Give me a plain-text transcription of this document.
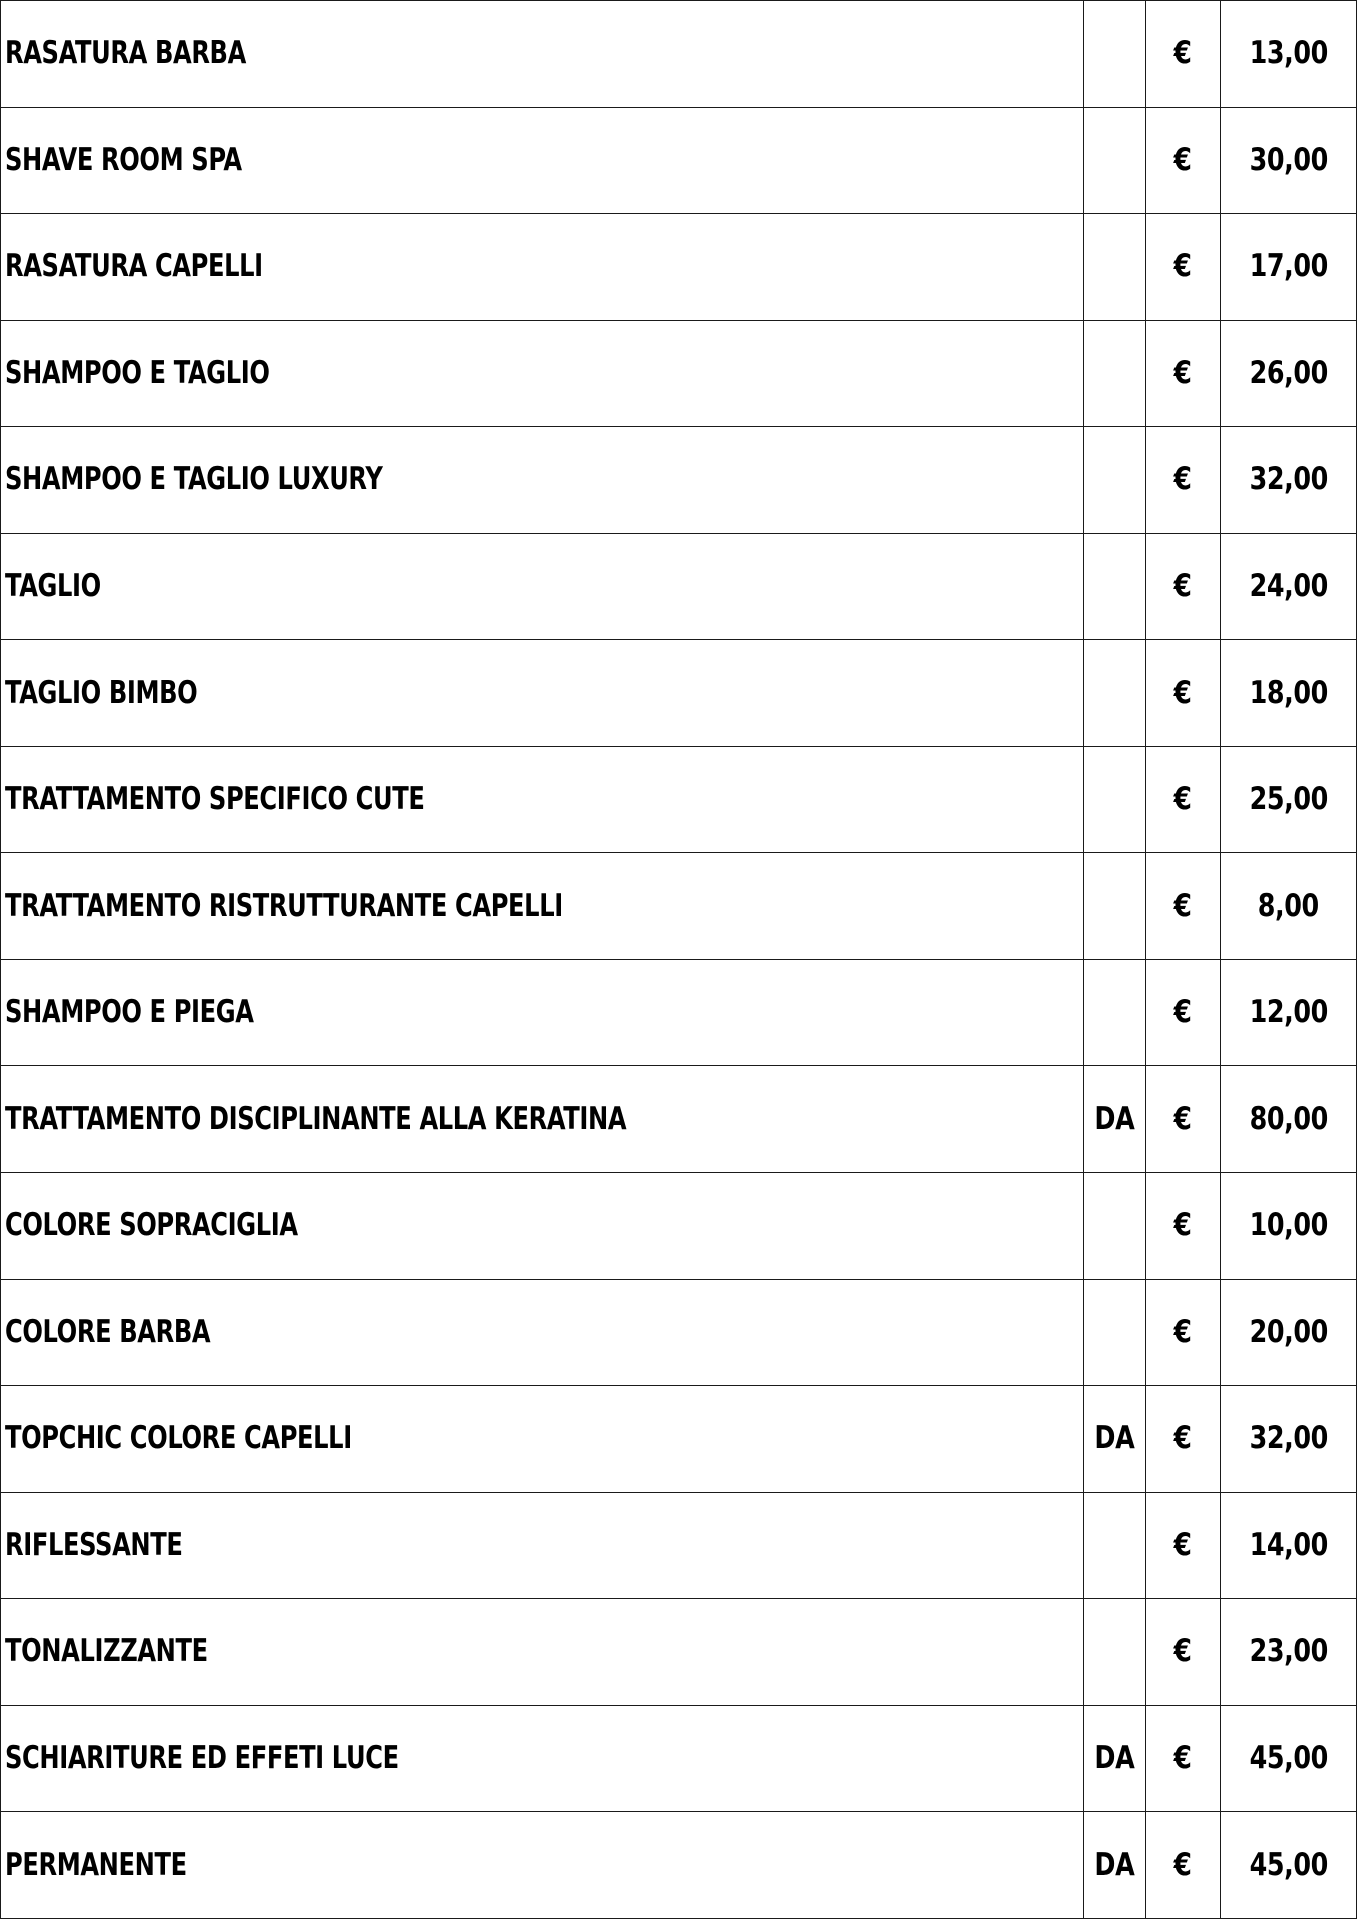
RASATURA BARBA		€	13,00
SHAVE ROOM SPA		€	30,00
RASATURA CAPELLI		€	17,00
SHAMPOO E TAGLIO		€	26,00
SHAMPOO E TAGLIO LUXURY		€	32,00
TAGLIO		€	24,00
TAGLIO BIMBO		€	18,00
TRATTAMENTO SPECIFICO CUTE		€	25,00
TRATTAMENTO RISTRUTTURANTE CAPELLI		€	8,00
SHAMPOO E PIEGA		€	12,00
TRATTAMENTO DISCIPLINANTE ALLA KERATINA	DA	€	80,00
COLORE SOPRACIGLIA		€	10,00
COLORE BARBA		€	20,00
TOPCHIC COLORE CAPELLI	DA	€	32,00
RIFLESSANTE		€	14,00
TONALIZZANTE		€	23,00
SCHIARITURE ED EFFETI LUCE	DA	€	45,00
PERMANENTE	DA	€	45,00
